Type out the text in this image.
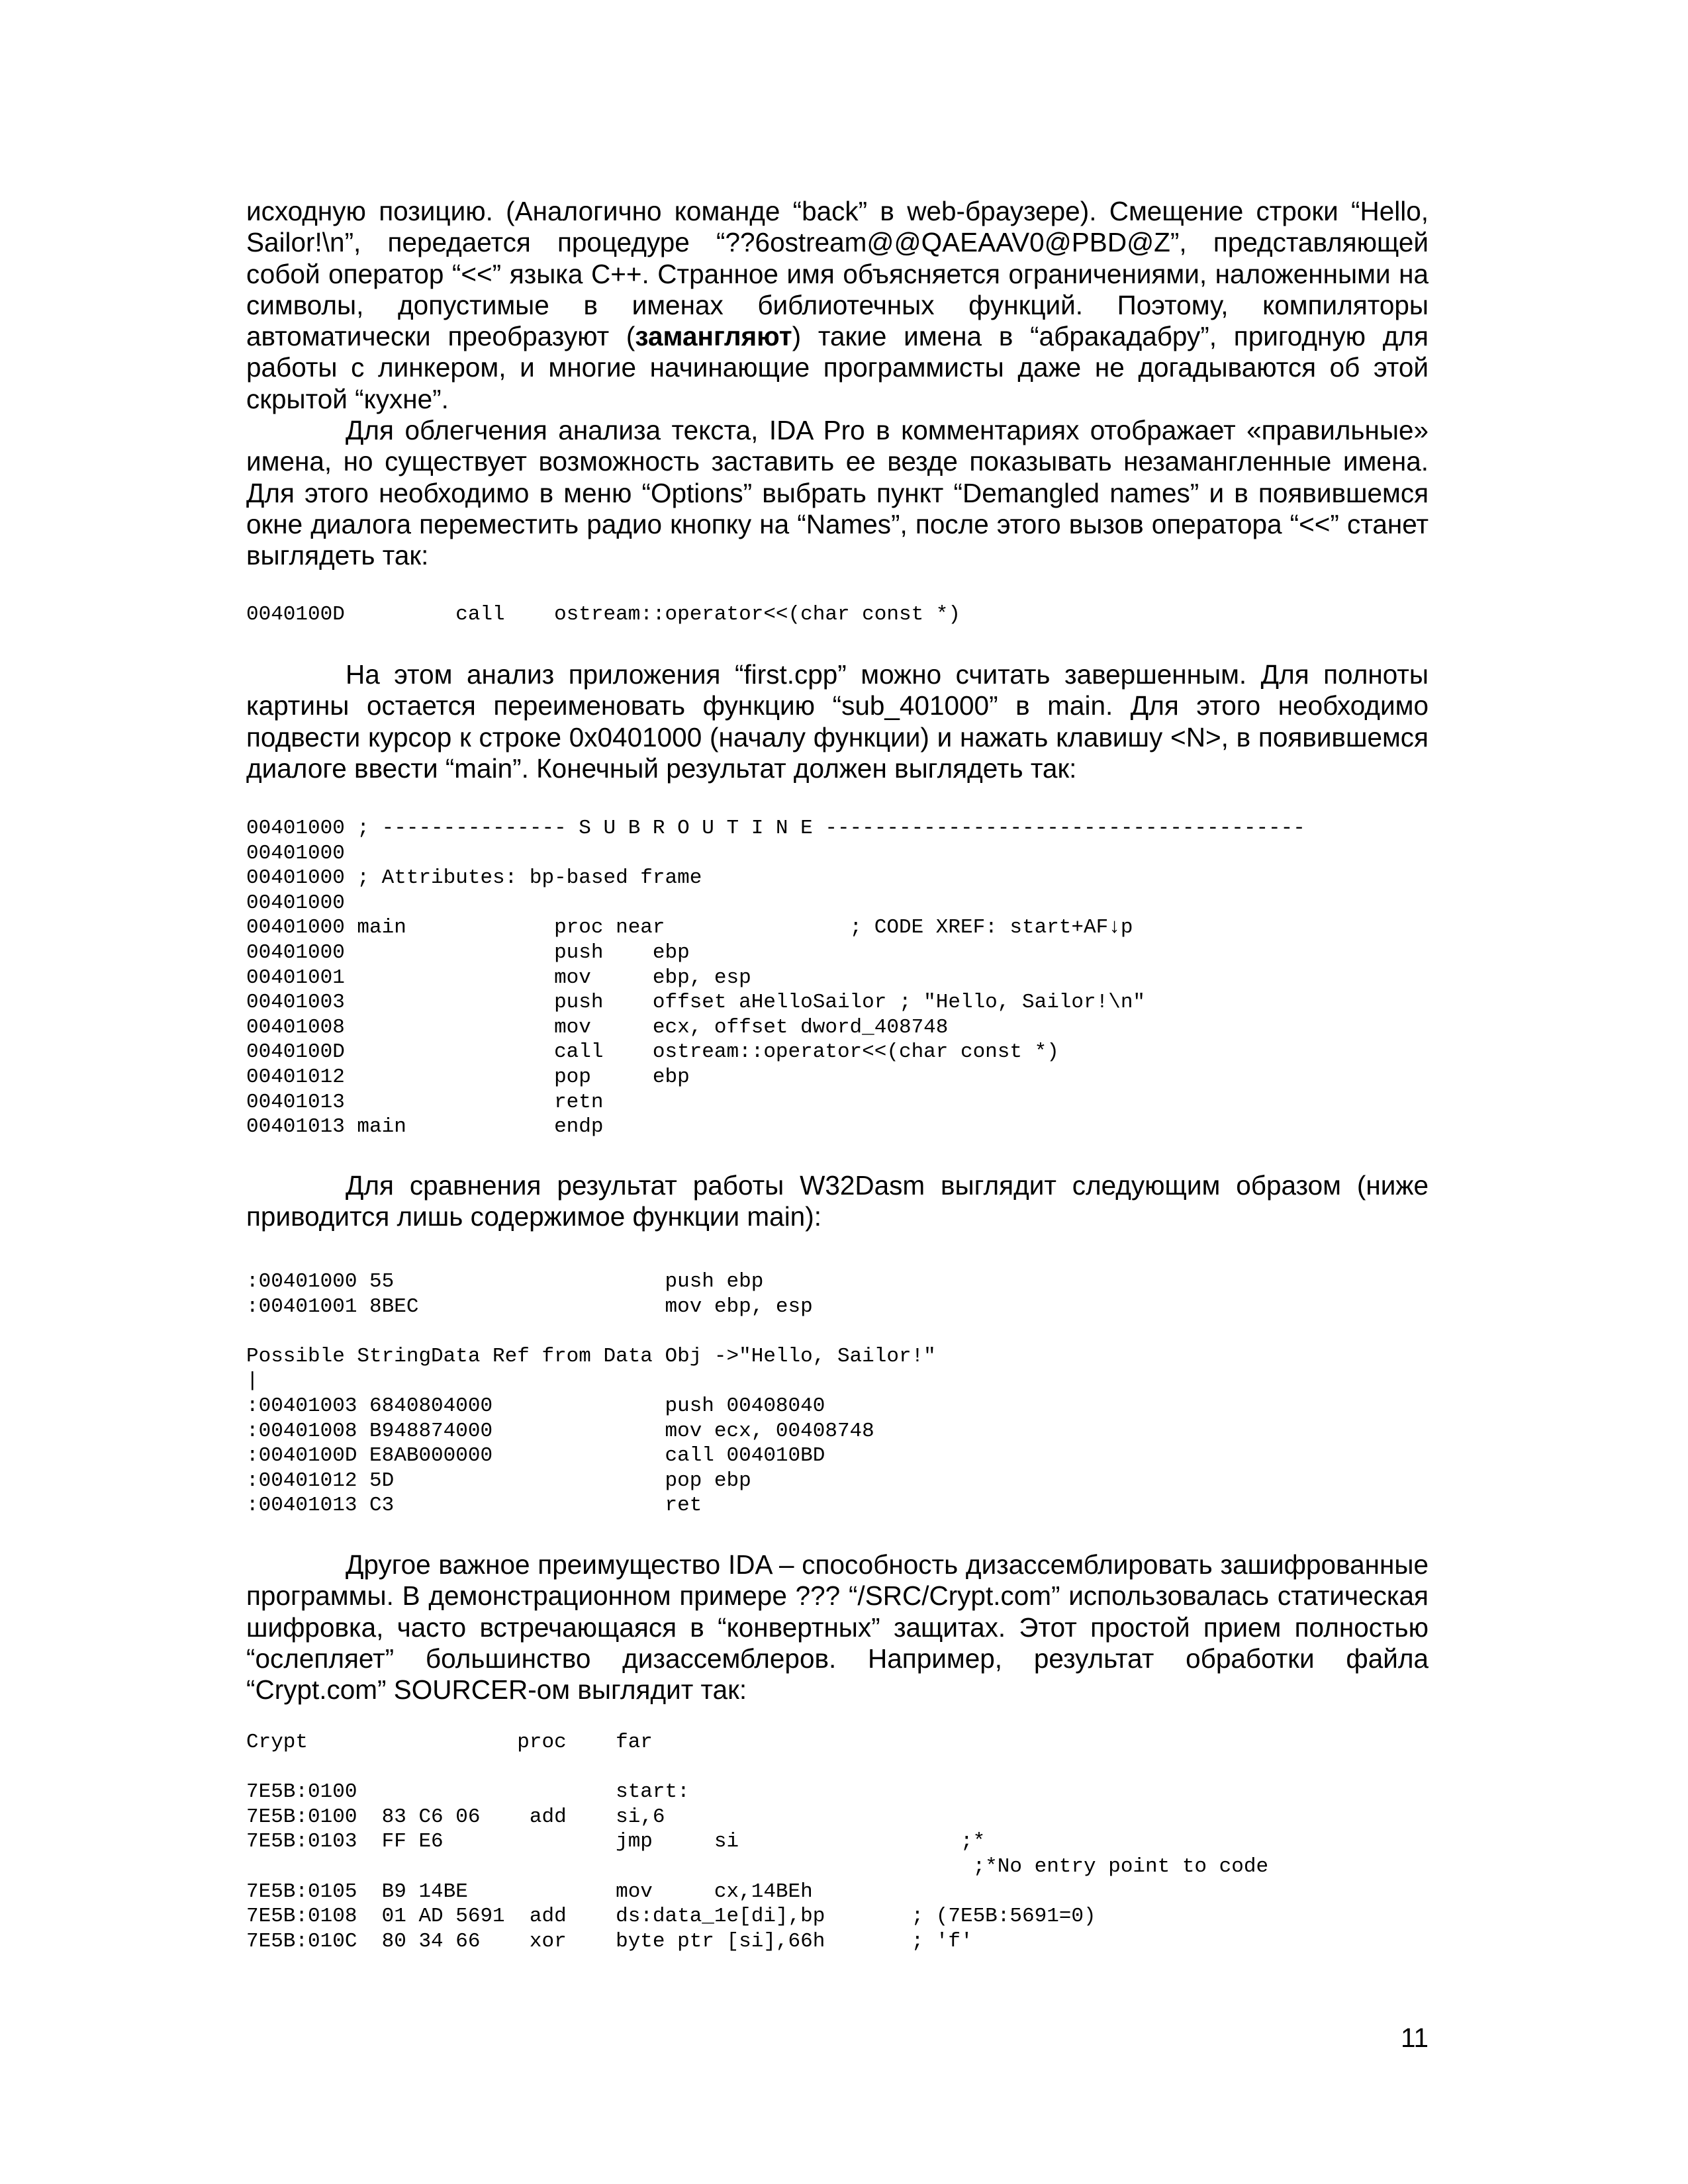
исходную позицию. (Аналогично команде “back” в web-браузере). Смещение строки “Hello, Sailor!\n”, передается процедуре “??6ostream@@QAEAAV0@PBD@Z”, представляющей собой оператор “<<” языка C++. Странное имя объясняется ограничениями, наложенными на символы, допустимые в именах библиотечных функций. Поэтому, компиляторы автоматически преобразуют (замангляют) такие имена в “абракадабру”, пригодную для работы с линкером, и многие начинающие программисты даже не догадываются об этой скрытой “кухне”.

Для облегчения анализа текста, IDA Pro в комментариях отображает «правильные» имена, но существует возможность заставить ее везде показывать незамангленные имена. Для этого необходимо в меню “Options” выбрать пункт “Demangled names” и в появившемся окне диалога переместить радио кнопку на “Names”, после этого вызов оператора “<<” станет выглядеть так:

0040100D         call    ostream::operator<<(char const *)

На этом анализ приложения “first.cpp” можно считать завершенным. Для полноты картины остается переименовать функцию “sub_401000” в main. Для этого необходимо подвести курсор к строке 0x0401000 (началу функции) и нажать клавишу <N>, в появившемся диалоге ввести “main”. Конечный результат должен выглядеть так:

00401000 ; --------------- S U B R O U T I N E ---------------------------------------
00401000
00401000 ; Attributes: bp-based frame
00401000
00401000 main            proc near               ; CODE XREF: start+AF↓p
00401000                 push    ebp
00401001                 mov     ebp, esp
00401003                 push    offset aHelloSailor ; "Hello, Sailor!\n"
00401008                 mov     ecx, offset dword_408748
0040100D                 call    ostream::operator<<(char const *)
00401012                 pop     ebp
00401013                 retn
00401013 main            endp

Для сравнения результат работы W32Dasm выглядит следующим образом (ниже приводится лишь содержимое функции main):

:00401000 55                      push ebp
:00401001 8BEC                    mov ebp, esp
Possible StringData Ref from Data Obj ->"Hello, Sailor!"
|
:00401003 6840804000              push 00408040
:00401008 B948874000              mov ecx, 00408748
:0040100D E8AB000000              call 004010BD
:00401012 5D                      pop ebp
:00401013 C3                      ret

Другое важное преимущество IDA – способность дизассемблировать зашифрованные программы. В демонстрационном примере ??? “/SRC/Crypt.com” использовалась статическая шифровка, часто встречающаяся в “конвертных” защитах. Этот простой прием полностью “ослепляет” большинство дизассемблеров. Например, результат обработки файла “Crypt.com” SOURCER-ом выглядит так:

Crypt                 proc    far
7E5B:0100                     start:
7E5B:0100  83 C6 06    add    si,6
7E5B:0103  FF E6              jmp     si                  ;*
;*No entry point to code
7E5B:0105  B9 14BE            mov     cx,14BEh
7E5B:0108  01 AD 5691  add    ds:data_1e[di],bp       ; (7E5B:5691=0)
7E5B:010C  80 34 66    xor    byte ptr [si],66h       ; 'f'
11
